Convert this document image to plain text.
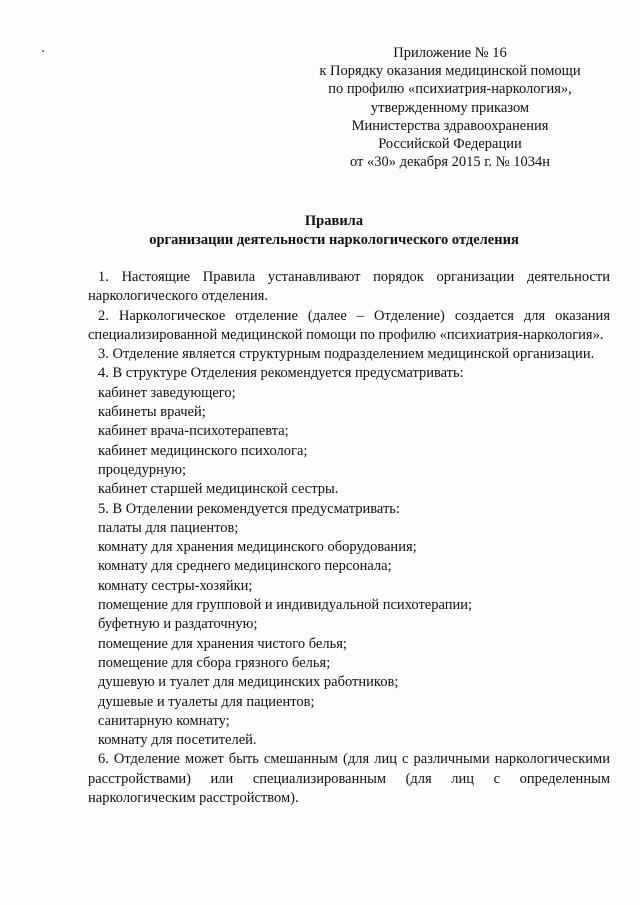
Приложение № 16
к Порядку оказания медицинской помощи
по профилю «психиатрия-наркология»,
утвержденному приказом
Министерства здравоохранения
Российской Федерации
от «30» декабря 2015 г. № 1034н
Правила
организации деятельности наркологического отделения

1. Настоящие Правила устанавливают порядок организации деятельности наркологического отделения.

2. Наркологическое отделение (далее – Отделение) создается для оказания специализированной медицинской помощи по профилю «психиатрия-наркология».

3. Отделение является структурным подразделением медицинской организации.

4. В структуре Отделения рекомендуется предусматривать:

кабинет заведующего;

кабинеты врачей;

кабинет врача-психотерапевта;

кабинет медицинского психолога;

процедурную;

кабинет старшей медицинской сестры.

5. В Отделении рекомендуется предусматривать:

палаты для пациентов;

комнату для хранения медицинского оборудования;

комнату для среднего медицинского персонала;

комнату сестры-хозяйки;

помещение для групповой и индивидуальной психотерапии;

буфетную и раздаточную;

помещение для хранения чистого белья;

помещение для сбора грязного белья;

душевую и туалет для медицинских работников;

душевые и туалеты для пациентов;

санитарную комнату;

комнату для посетителей.

6. Отделение может быть смешанным (для лиц с различными наркологическими расстройствами) или специализированным (для лиц с определенным наркологическим расстройством).
